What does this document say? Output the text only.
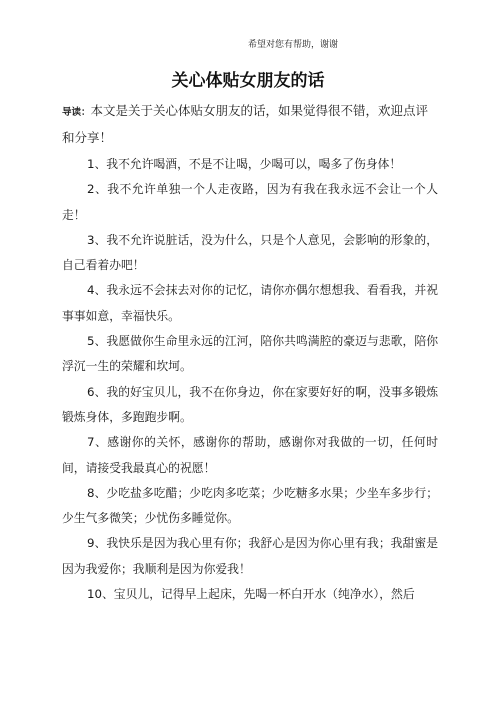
希望对您有帮助，谢谢
关心体贴女朋友的话
导读：本文是关于关心体贴女朋友的话，如果觉得很不错，欢迎点评和分享！

1、我不允许喝酒，不是不让喝，少喝可以，喝多了伤身体！

2、我不允许单独一个人走夜路，因为有我在我永远不会让一个人走！

3、我不允许说脏话，没为什么，只是个人意见，会影响的形象的，自己看着办吧！

4、我永远不会抹去对你的记忆，请你亦偶尔想想我、看看我，并祝事事如意，幸福快乐。

5、我愿做你生命里永远的江河，陪你共鸣满腔的豪迈与悲歌，陪你浮沉一生的荣耀和坎坷。

6、我的好宝贝儿，我不在你身边，你在家要好好的啊，没事多锻炼锻炼身体，多跑跑步啊。

7、感谢你的关怀，感谢你的帮助，感谢你对我做的一切，任何时间，请接受我最真心的祝愿！

8、少吃盐多吃醋；少吃肉多吃菜；少吃糖多水果；少坐车多步行；少生气多微笑；少忧伤多睡觉你。

9、我快乐是因为我心里有你；我舒心是因为你心里有我；我甜蜜是因为我爱你；我顺利是因为你爱我！

10、宝贝儿，记得早上起床，先喝一杯白开水（纯净水），然后
